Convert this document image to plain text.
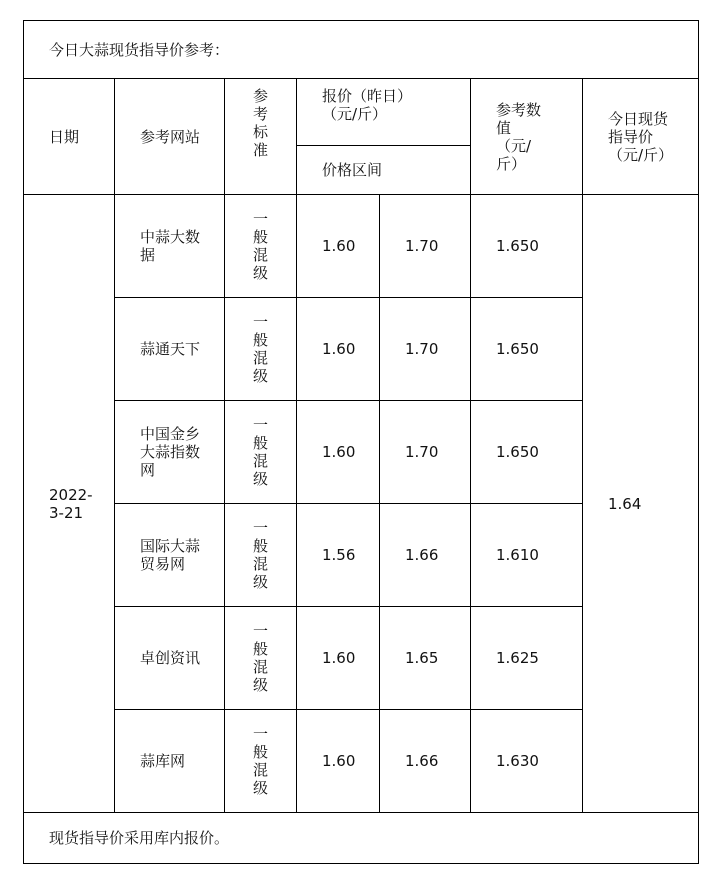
今日大蒜现货指导价参考：						
日期	参考网站	参考标准	报价（昨日）（元/斤）		参考数值（元/斤）	今日现货指导价（元/斤）

			价格区间			

2022-3-21	中蒜大数据	一般混级	1.60	1.70	1.650	1.64

	蒜通天下	一般混级	1.60	1.70	1.650	

	中国金乡大蒜指数网	一般混级	1.60	1.70	1.650	

	国际大蒜贸易网	一般混级	1.56	1.66	1.610	

	卓创资讯	一般混级	1.60	1.65	1.625	

	蒜库网	一般混级	1.60	1.66	1.630	
现货指导价采用库内报价。						
